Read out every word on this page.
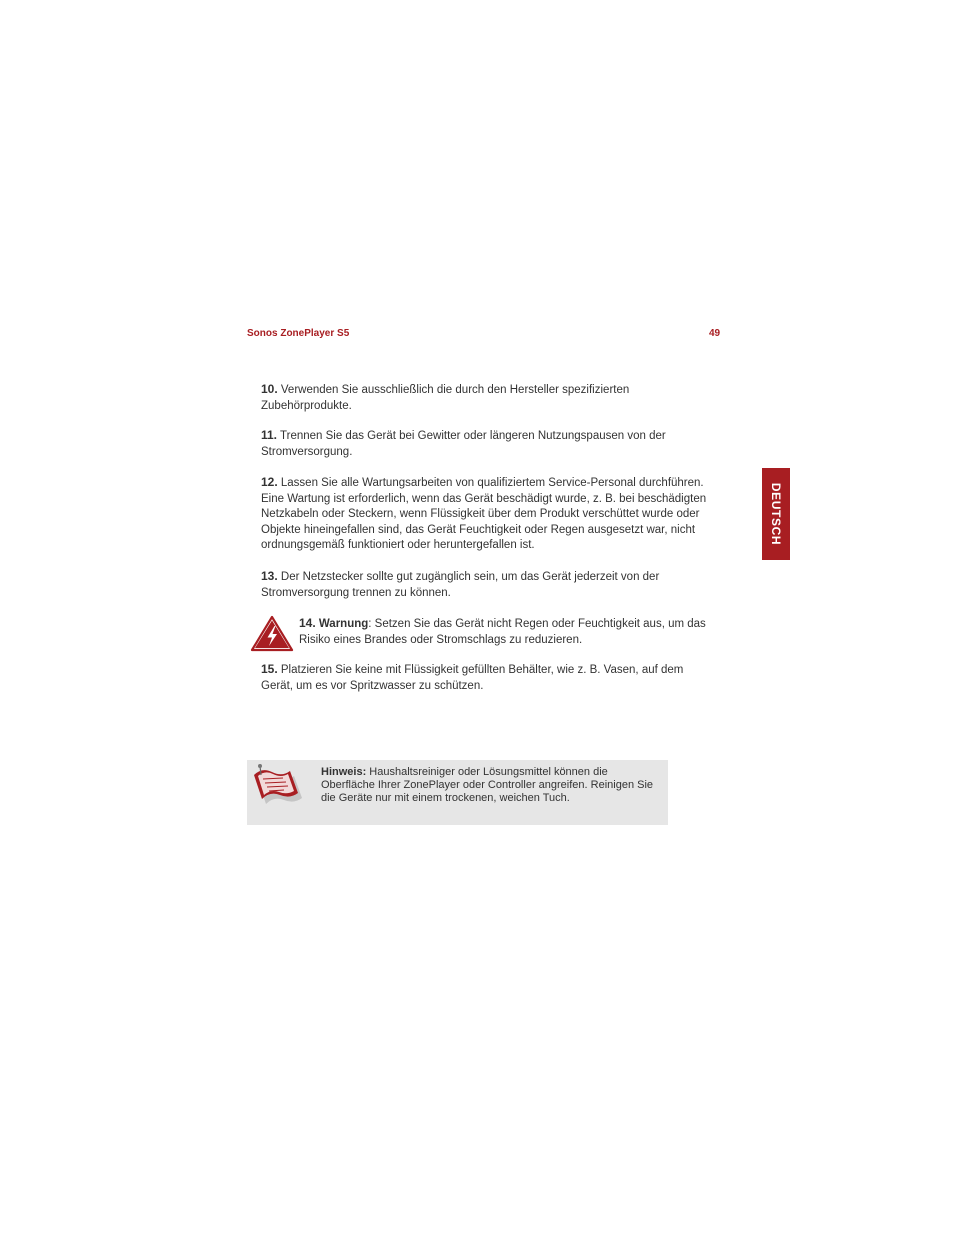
Sonos ZonePlayer S5	49
DEUTSCH
10. Verwenden Sie ausschließlich die durch den Hersteller spezifizierten Zubehörprodukte.
11. Trennen Sie das Gerät bei Gewitter oder längeren Nutzungspausen von der Stromversorgung.
12. Lassen Sie alle Wartungsarbeiten von qualifiziertem Service-Personal durchführen. Eine Wartung ist erforderlich, wenn das Gerät beschädigt wurde, z. B. bei beschädigten Netzkabeln oder Steckern, wenn Flüssigkeit über dem Produkt verschüttet wurde oder Objekte hineingefallen sind, das Gerät Feuchtigkeit oder Regen ausgesetzt war, nicht ordnungsgemäß funktioniert oder heruntergefallen ist.
13. Der Netzstecker sollte gut zugänglich sein, um das Gerät jederzeit von der Stromversorgung trennen zu können.
14. Warnung: Setzen Sie das Gerät nicht Regen oder Feuchtigkeit aus, um das Risiko eines Brandes oder Stromschlags zu reduzieren.
15. Platzieren Sie keine mit Flüssigkeit gefüllten Behälter, wie z. B. Vasen, auf dem Gerät, um es vor Spritzwasser zu schützen.
Hinweis: Haushaltsreiniger oder Lösungsmittel können die Oberfläche Ihrer ZonePlayer oder Controller angreifen. Reinigen Sie die Geräte nur mit einem trockenen, weichen Tuch.
